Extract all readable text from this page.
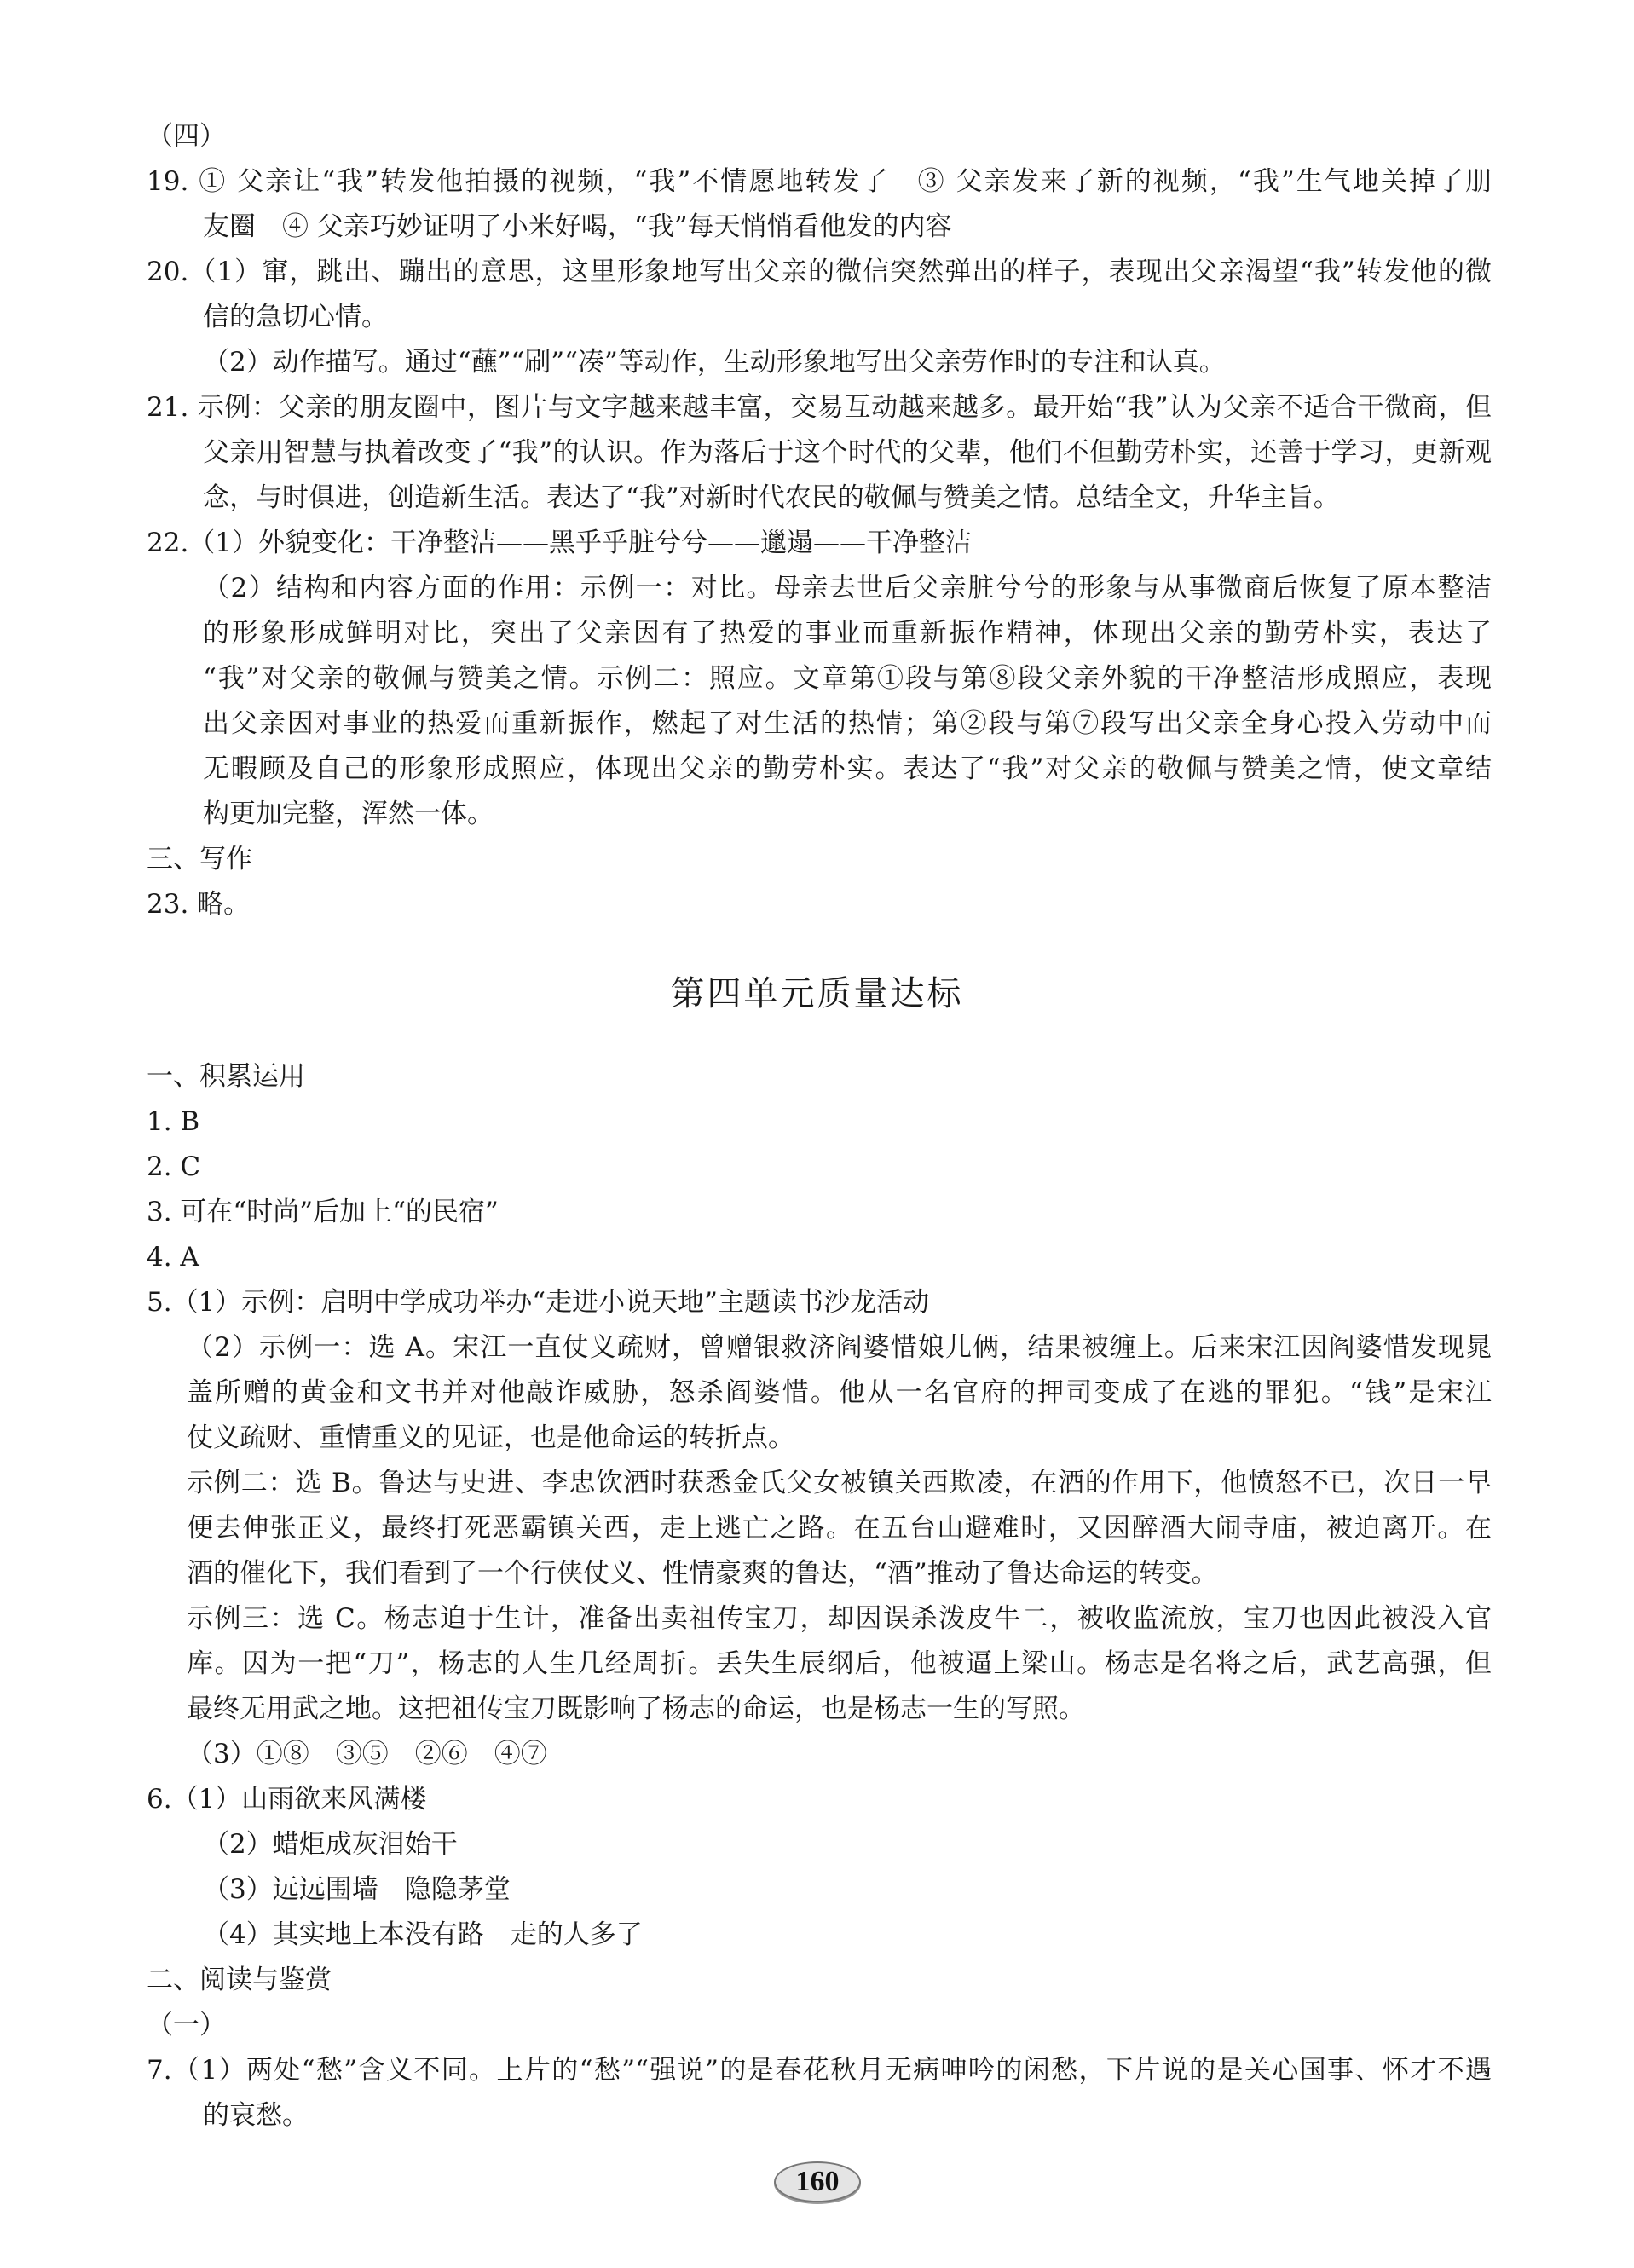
（四）
19. ① 父亲让“我”转发他拍摄的视频，“我”不情愿地转发了　③ 父亲发来了新的视频，“我”生气地关掉了朋
友圈　④ 父亲巧妙证明了小米好喝，“我”每天悄悄看他发的内容
20.（1）窜，跳出、蹦出的意思，这里形象地写出父亲的微信突然弹出的样子，表现出父亲渴望“我”转发他的微
信的急切心情。
（2）动作描写。通过“蘸”“刷”“凑”等动作，生动形象地写出父亲劳作时的专注和认真。
21. 示例：父亲的朋友圈中，图片与文字越来越丰富，交易互动越来越多。最开始“我”认为父亲不适合干微商，但
父亲用智慧与执着改变了“我”的认识。作为落后于这个时代的父辈，他们不但勤劳朴实，还善于学习，更新观
念，与时俱进，创造新生活。表达了“我”对新时代农民的敬佩与赞美之情。总结全文，升华主旨。
22.（1）外貌变化：干净整洁——黑乎乎脏兮兮——邋遢——干净整洁
（2）结构和内容方面的作用：示例一：对比。母亲去世后父亲脏兮兮的形象与从事微商后恢复了原本整洁
的形象形成鲜明对比，突出了父亲因有了热爱的事业而重新振作精神，体现出父亲的勤劳朴实，表达了
“我”对父亲的敬佩与赞美之情。示例二：照应。文章第①段与第⑧段父亲外貌的干净整洁形成照应，表现
出父亲因对事业的热爱而重新振作，燃起了对生活的热情；第②段与第⑦段写出父亲全身心投入劳动中而
无暇顾及自己的形象形成照应，体现出父亲的勤劳朴实。表达了“我”对父亲的敬佩与赞美之情，使文章结
构更加完整，浑然一体。
三、写作
23. 略。
第四单元质量达标
一、积累运用
1. B
2. C
3. 可在“时尚”后加上“的民宿”
4. A
5.（1）示例：启明中学成功举办“走进小说天地”主题读书沙龙活动
（2）示例一：选 A。宋江一直仗义疏财，曾赠银救济阎婆惜娘儿俩，结果被缠上。后来宋江因阎婆惜发现晁
盖所赠的黄金和文书并对他敲诈威胁，怒杀阎婆惜。他从一名官府的押司变成了在逃的罪犯。“钱”是宋江
仗义疏财、重情重义的见证，也是他命运的转折点。
示例二：选 B。鲁达与史进、李忠饮酒时获悉金氏父女被镇关西欺凌，在酒的作用下，他愤怒不已，次日一早
便去伸张正义，最终打死恶霸镇关西，走上逃亡之路。在五台山避难时，又因醉酒大闹寺庙，被迫离开。在
酒的催化下，我们看到了一个行侠仗义、性情豪爽的鲁达，“酒”推动了鲁达命运的转变。
示例三：选 C。杨志迫于生计，准备出卖祖传宝刀，却因误杀泼皮牛二，被收监流放，宝刀也因此被没入官
库。因为一把“刀”，杨志的人生几经周折。丢失生辰纲后，他被逼上梁山。杨志是名将之后，武艺高强，但
最终无用武之地。这把祖传宝刀既影响了杨志的命运，也是杨志一生的写照。
（3）①⑧　③⑤　②⑥　④⑦
6.（1）山雨欲来风满楼
（2）蜡炬成灰泪始干
（3）远远围墙　隐隐茅堂
（4）其实地上本没有路　走的人多了
二、阅读与鉴赏
（一）
7.（1）两处“愁”含义不同。上片的“愁”“强说”的是春花秋月无病呻吟的闲愁，下片说的是关心国事、怀才不遇
的哀愁。
160
